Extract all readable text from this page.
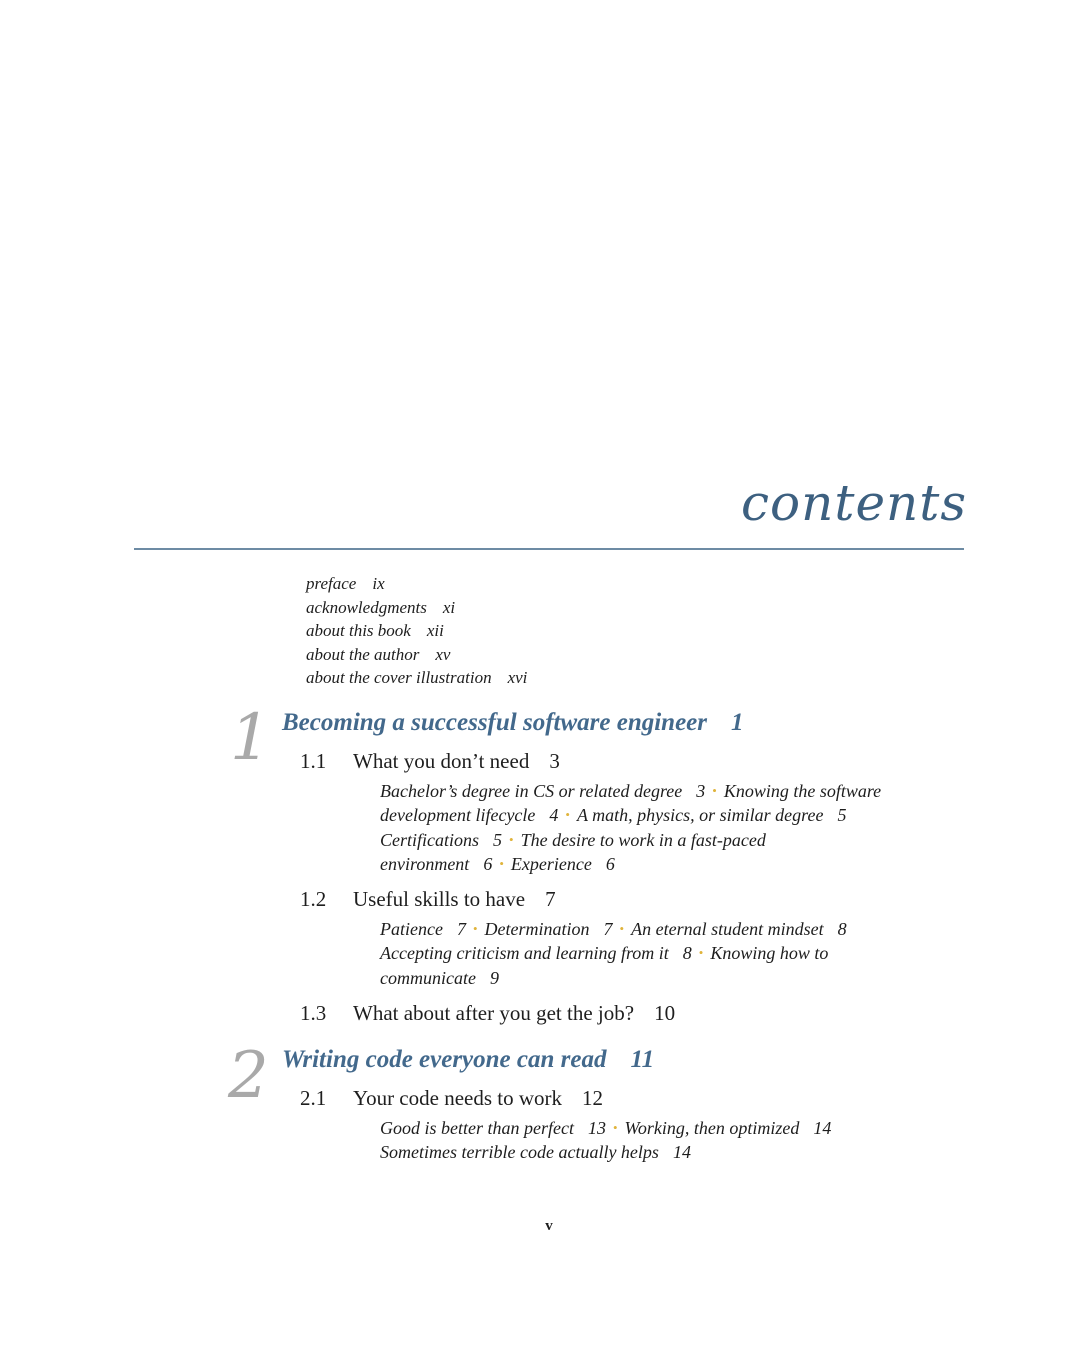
contents
preface ix
acknowledgments xi
about this book xii
about the author xv
about the cover illustration xvi
1 Becoming a successful software engineer 1
1.1 What you don’t need 3
Bachelor’s degree in CS or related degree 3 • Knowing the software
development lifecycle 4 • A math, physics, or similar degree 5
Certifications 5 • The desire to work in a fast-paced
environment 6 • Experience 6
1.2 Useful skills to have 7
Patience 7 • Determination 7 • An eternal student mindset 8
Accepting criticism and learning from it 8 • Knowing how to
communicate 9
1.3 What about after you get the job? 10
2 Writing code everyone can read 11
2.1 Your code needs to work 12
Good is better than perfect 13 • Working, then optimized 14
Sometimes terrible code actually helps 14
v
